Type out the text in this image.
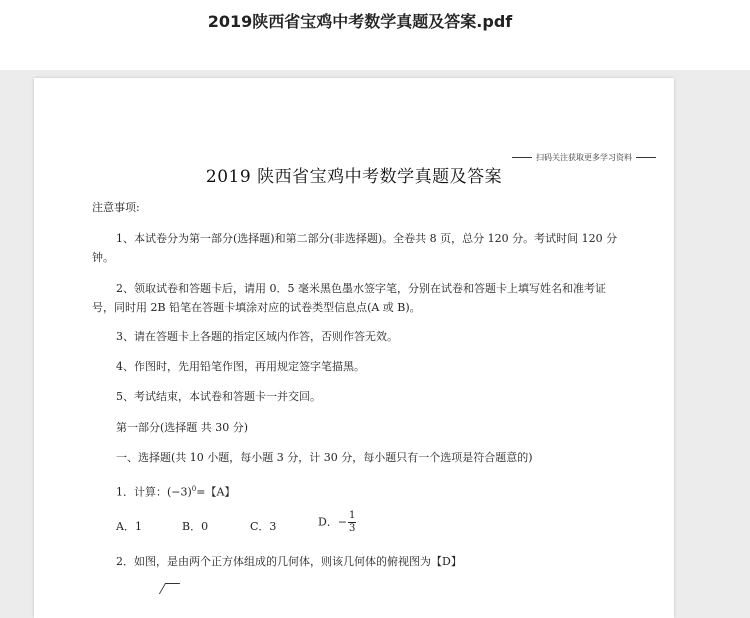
2019陕西省宝鸡中考数学真题及答案.pdf
扫码关注获取更多学习资料
2019 陕西省宝鸡中考数学真题及答案
注意事项:
1、本试卷分为第一部分(选择题)和第二部分(非选择题)。全卷共 8 页，总分 120 分。考试时间 120 分
钟。
2、领取试卷和答题卡后，请用 0．5 毫米黑色墨水签字笔，分别在试卷和答题卡上填写姓名和准考证
号，同时用 2B 铅笔在答题卡填涂对应的试卷类型信息点(A 或 B)。
3、请在答题卡上各题的指定区域内作答，否则作答无效。
4、作图时，先用铅笔作图，再用规定签字笔描黑。
5、考试结束，本试卷和答题卡一并交回。
第一部分(选择题 共 30 分)
一、选择题(共 10 小题，每小题 3 分，计 30 分，每小题只有一个选项是符合题意的)
1．计算：$(-3)^0=$【A】
A．1	B．0	C．3	D．− $\frac{1}{3}$
2．如图，是由两个正方体组成的几何体，则该几何体的俯视图为【D】
